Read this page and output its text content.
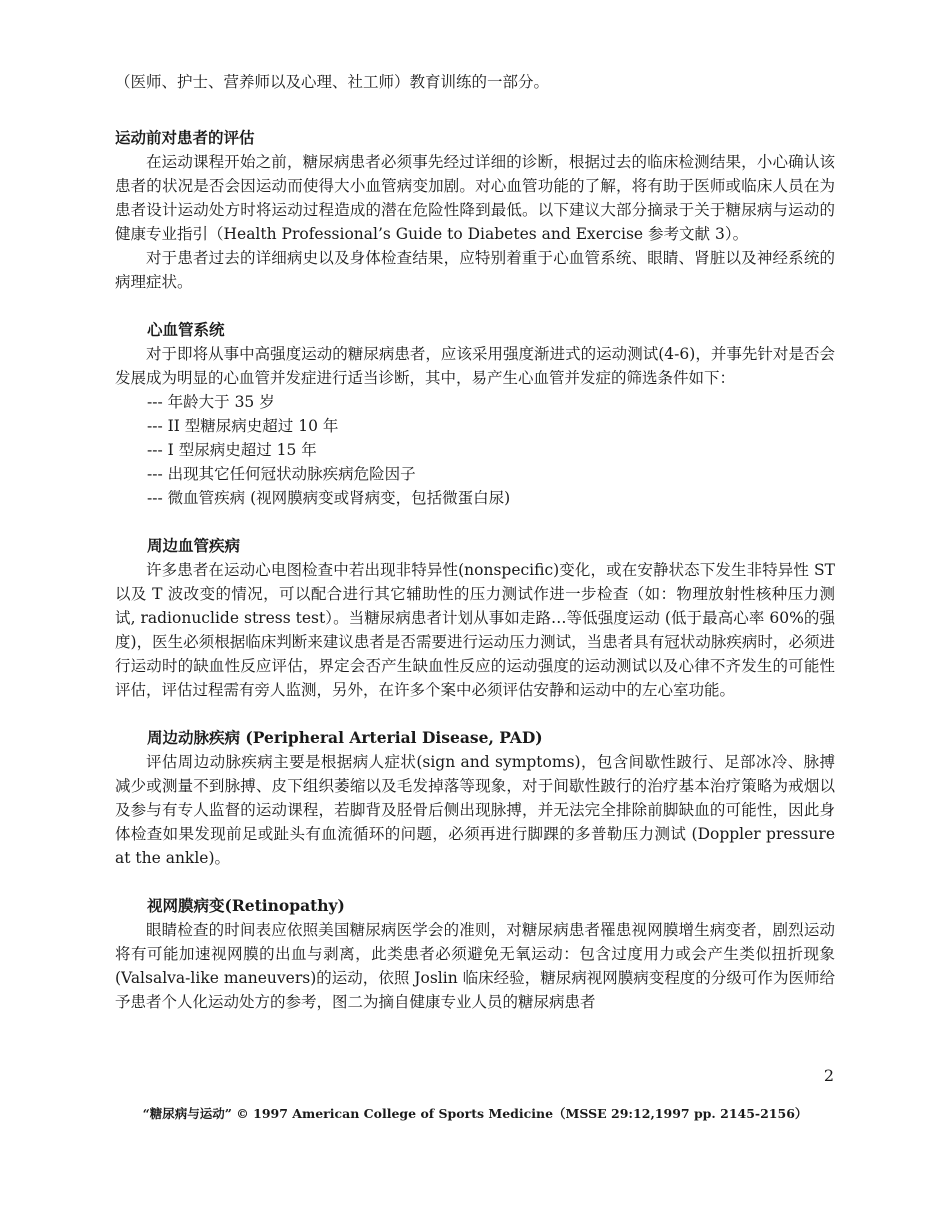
（医师、护士、营养师以及心理、社工师）教育训练的一部分。

运动前对患者的评估

在运动课程开始之前，糖尿病患者必须事先经过详细的诊断，根据过去的临床检测结果，小心确认该患者的状况是否会因运动而使得大小血管病变加剧。对心血管功能的了解，将有助于医师或临床人员在为患者设计运动处方时将运动过程造成的潜在危险性降到最低。以下建议大部分摘录于关于糖尿病与运动的健康专业指引（Health Professional’s Guide to Diabetes and Exercise 参考文献 3）。

对于患者过去的详细病史以及身体检查结果，应特别着重于心血管系统、眼睛、肾脏以及神经系统的病理症状。

心血管系统

对于即将从事中高强度运动的糖尿病患者，应该采用强度渐进式的运动测试(4-6)，并事先针对是否会发展成为明显的心血管并发症进行适当诊断，其中，易产生心血管并发症的筛选条件如下：

--- 年龄大于 35 岁
--- II 型糖尿病史超过 10 年
--- I 型尿病史超过 15 年
--- 出现其它任何冠状动脉疾病危险因子
--- 微血管疾病 (视网膜病变或肾病变，包括微蛋白尿)
周边血管疾病

许多患者在运动心电图检查中若出现非特异性(nonspecific)变化，或在安静状态下发生非特异性 ST 以及 T 波改变的情况，可以配合进行其它辅助性的压力测试作进一步检查（如：物理放射性核种压力测试, radionuclide stress test）。当糖尿病患者计划从事如走路…等低强度运动 (低于最高心率 60%的强度)，医生必须根据临床判断来建议患者是否需要进行运动压力测试，当患者具有冠状动脉疾病时，必须进行运动时的缺血性反应评估，界定会否产生缺血性反应的运动强度的运动测试以及心律不齐发生的可能性评估，评估过程需有旁人监测，另外，在许多个案中必须评估安静和运动中的左心室功能。

周边动脉疾病 (Peripheral Arterial Disease, PAD)

评估周边动脉疾病主要是根据病人症状(sign and symptoms)，包含间歇性跛行、足部冰冷、脉搏减少或测量不到脉搏、皮下组织萎缩以及毛发掉落等现象，对于间歇性跛行的治疗基本治疗策略为戒烟以及参与有专人监督的运动课程，若脚背及胫骨后侧出现脉搏，并无法完全排除前脚缺血的可能性，因此身体检查如果发现前足或趾头有血流循环的问题，必须再进行脚踝的多普勒压力测试 (Doppler pressure at the ankle)。

视网膜病变(Retinopathy)

眼睛检查的时间表应依照美国糖尿病医学会的准则，对糖尿病患者罹患视网膜增生病变者，剧烈运动将有可能加速视网膜的出血与剥离，此类患者必须避免无氧运动：包含过度用力或会产生类似扭折现象(Valsalva-like maneuvers)的运动，依照 Joslin 临床经验，糖尿病视网膜病变程度的分级可作为医师给予患者个人化运动处方的参考，图二为摘自健康专业人员的糖尿病患者

2
“糖尿病与运动” © 1997 American College of Sports Medicine（MSSE 29:12,1997 pp. 2145-2156）
